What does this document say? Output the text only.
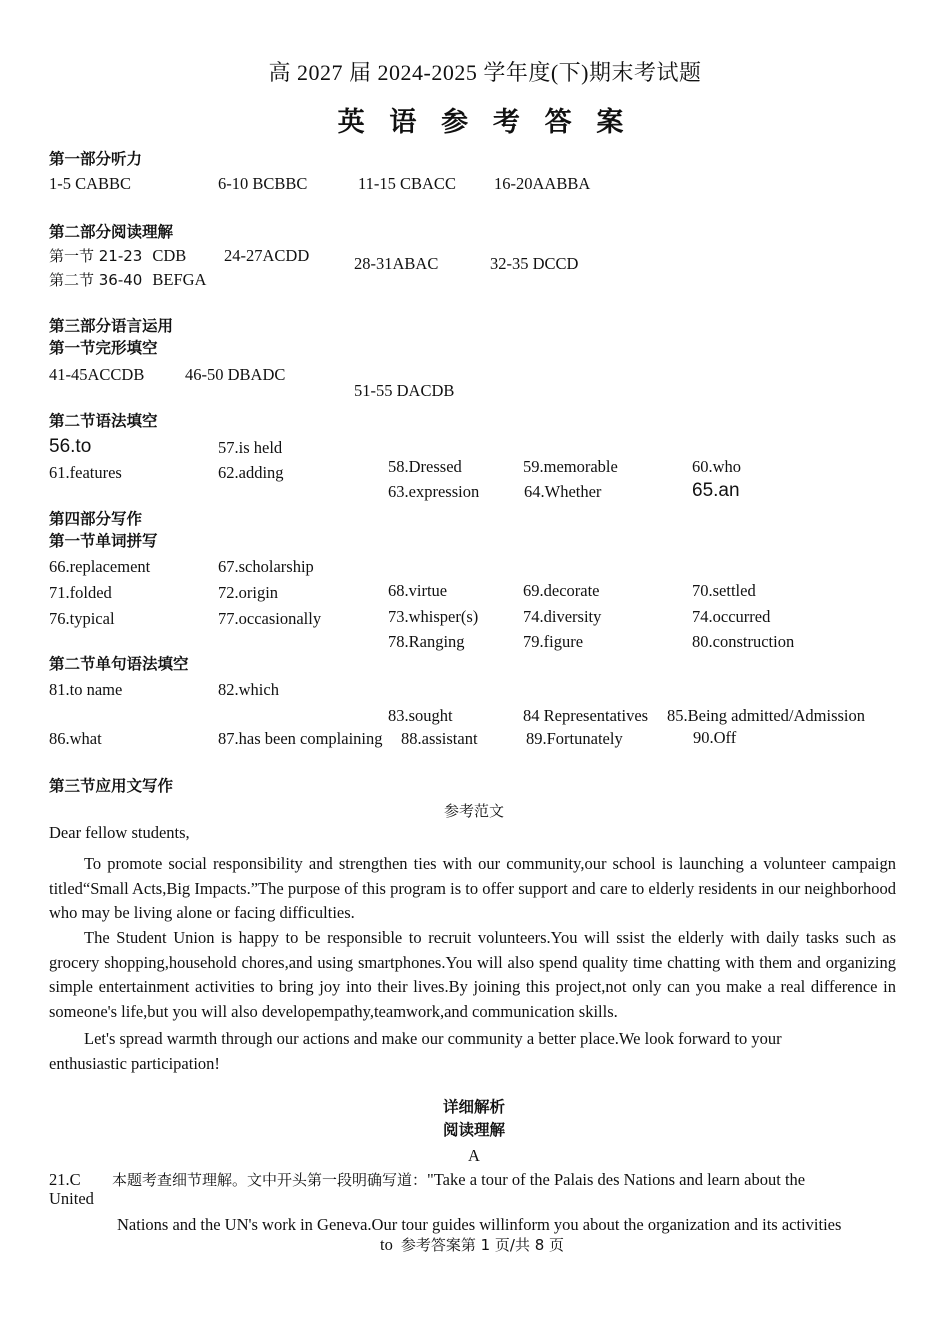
高 2027 届 2024-2025 学年度(下)期末考试题
英 语 参 考 答 案
第一部分听力
1-5 CABBC	6-10 BCBBC	11-15 CBACC 16-20AABBA
第二部分阅读理解
第一节 21-23 CDB 24-27ACDD	28-31ABAC	32-35 DCCD
第二节 36-40 BEFGA
第三部分语言运用
第一节完形填空
41-45ACCDB 46-50 DBADC
51-55 DACDB
第二节语法填空
56.to	57.is held
61.features	62.adding	58.Dressed	59.memorable	60.who
63.expression	64.Whether	65.an
第四部分写作
第一节单词拼写
66.replacement	67.scholarship
71.folded	72.origin	68.virtue	69.decorate	70.settled
76.typical	77.occasionally	73.whisper(s)	74.diversity	74.occurred
78.Ranging	79.figure	80.construction
第二节单句语法填空
81.to name	82.which
83.sought	84 Representatives 85.Being admitted/Admission
86.what	87.has been complaining 88.assistant	89.Fortunately	90.Off
第三节应用文写作
参考范文
Dear fellow students,
To promote social responsibility and strengthen ties with our community,our school is launching a volunteer campaign titled“Small Acts,Big Impacts.”The purpose of this program is to offer support and care to elderly residents in our neighborhood who may be living alone or facing difficulties.
The Student Union is happy to be responsible to recruit volunteers.You will ssist the elderly with daily tasks such as grocery shopping,household chores,and using smartphones.You will also spend quality time chatting with them and organizing simple entertainment activities to bring joy into their lives.By joining this project,not only can you make a real difference in someone's life,but you will also developempathy,teamwork,and communication skills.
Let's spread warmth through our actions and make our community a better place.We look forward to your
enthusiastic participation!
详细解析
阅读理解
A
21.C 本题考查细节理解。文中开头第一段明确写道："Take a tour of the Palais des Nations and learn about the
United
Nations and the UN's work in Geneva.Our tour guides willinform you about the organization and its activities
to 参考答案第 1 页/共 8 页
